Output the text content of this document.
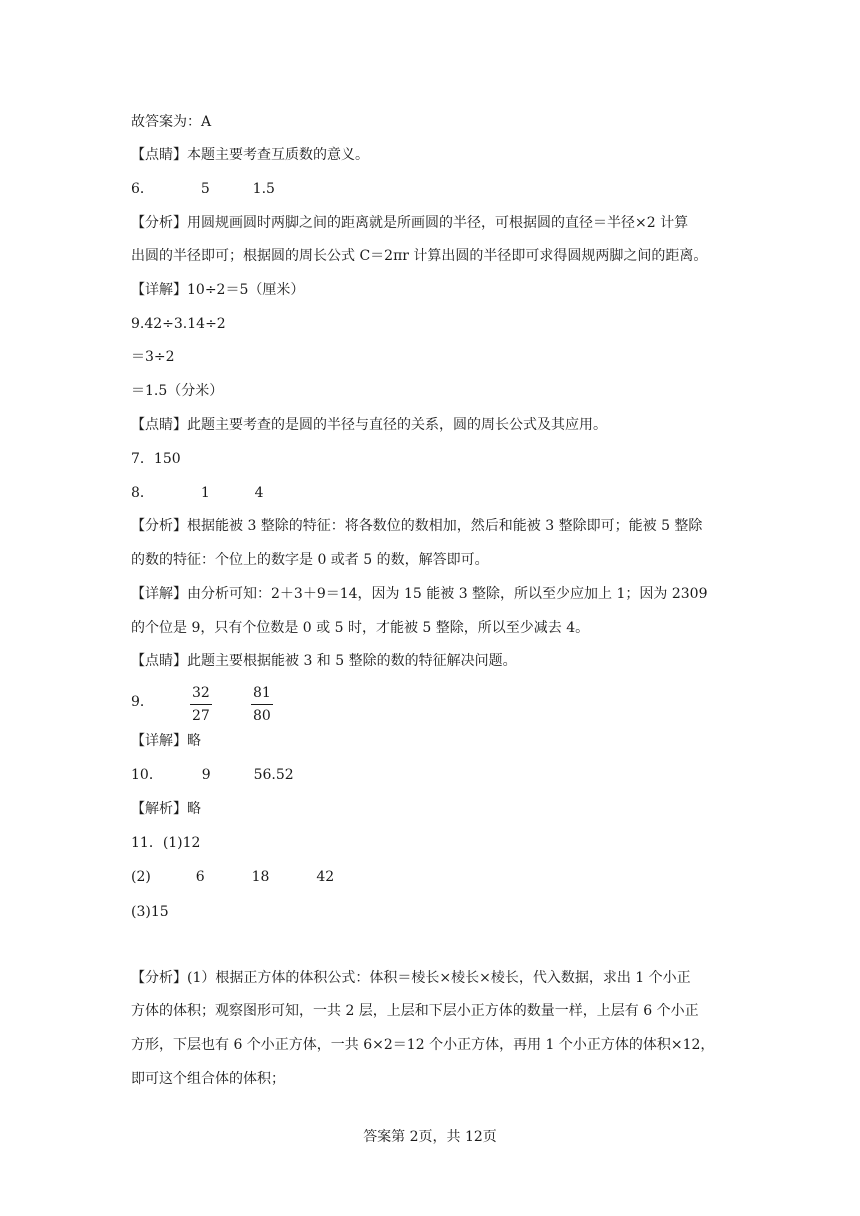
故答案为：A
【点睛】本题主要考查互质数的意义。
6．	5	1.5
【分析】用圆规画圆时两脚之间的距离就是所画圆的半径，可根据圆的直径＝半径×2 计算
出圆的半径即可；根据圆的周长公式 C＝2πr 计算出圆的半径即可求得圆规两脚之间的距离。
【详解】10÷2＝5（厘米）
9.42÷3.14÷2
＝3÷2
＝1.5（分米）
【点睛】此题主要考查的是圆的半径与直径的关系，圆的周长公式及其应用。
7．150
8．	1	4
【分析】根据能被 3 整除的特征：将各数位的数相加，然后和能被 3 整除即可；能被 5 整除
的数的特征：个位上的数字是 0 或者 5 的数，解答即可。
【详解】由分析可知：2＋3＋9＝14，因为 15 能被 3 整除，所以至少应加上 1；因为 2309
的个位是 9，只有个位数是 0 或 5 时，才能被 5 整除，所以至少减去 4。
【点睛】此题主要根据能被 3 和 5 整除的数的特征解决问题。
9．
32
27
81
80
【详解】略
10．	9	56.52
【解析】略
11．(1)12
(2)	6	18	42
(3)15
【分析】(1）根据正方体的体积公式：体积＝棱长×棱长×棱长，代入数据，求出 1 个小正
方体的体积；观察图形可知，一共 2 层，上层和下层小正方体的数量一样，上层有 6 个小正
方形，下层也有 6 个小正方体，一共 6×2＝12 个小正方体，再用 1 个小正方体的体积×12，
即可这个组合体的体积；
答案第 2页，共 12页
